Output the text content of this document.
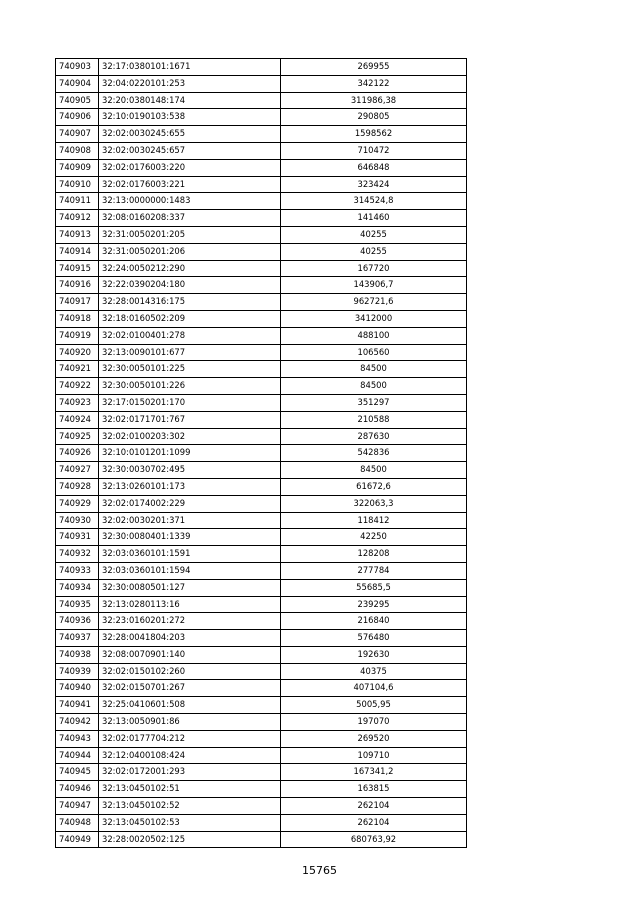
740903	32:17:0380101:1671	269955
740904	32:04:0220101:253	342122
740905	32:20:0380148:174	311986,38
740906	32:10:0190103:538	290805
740907	32:02:0030245:655	1598562
740908	32:02:0030245:657	710472
740909	32:02:0176003:220	646848
740910	32:02:0176003:221	323424
740911	32:13:0000000:1483	314524,8
740912	32:08:0160208:337	141460
740913	32:31:0050201:205	40255
740914	32:31:0050201:206	40255
740915	32:24:0050212:290	167720
740916	32:22:0390204:180	143906,7
740917	32:28:0014316:175	962721,6
740918	32:18:0160502:209	3412000
740919	32:02:0100401:278	488100
740920	32:13:0090101:677	106560
740921	32:30:0050101:225	84500
740922	32:30:0050101:226	84500
740923	32:17:0150201:170	351297
740924	32:02:0171701:767	210588
740925	32:02:0100203:302	287630
740926	32:10:0101201:1099	542836
740927	32:30:0030702:495	84500
740928	32:13:0260101:173	61672,6
740929	32:02:0174002:229	322063,3
740930	32:02:0030201:371	118412
740931	32:30:0080401:1339	42250
740932	32:03:0360101:1591	128208
740933	32:03:0360101:1594	277784
740934	32:30:0080501:127	55685,5
740935	32:13:0280113:16	239295
740936	32:23:0160201:272	216840
740937	32:28:0041804:203	576480
740938	32:08:0070901:140	192630
740939	32:02:0150102:260	40375
740940	32:02:0150701:267	407104,6
740941	32:25:0410601:508	5005,95
740942	32:13:0050901:86	197070
740943	32:02:0177704:212	269520
740944	32:12:0400108:424	109710
740945	32:02:0172001:293	167341,2
740946	32:13:0450102:51	163815
740947	32:13:0450102:52	262104
740948	32:13:0450102:53	262104
740949	32:28:0020502:125	680763,92
15765
